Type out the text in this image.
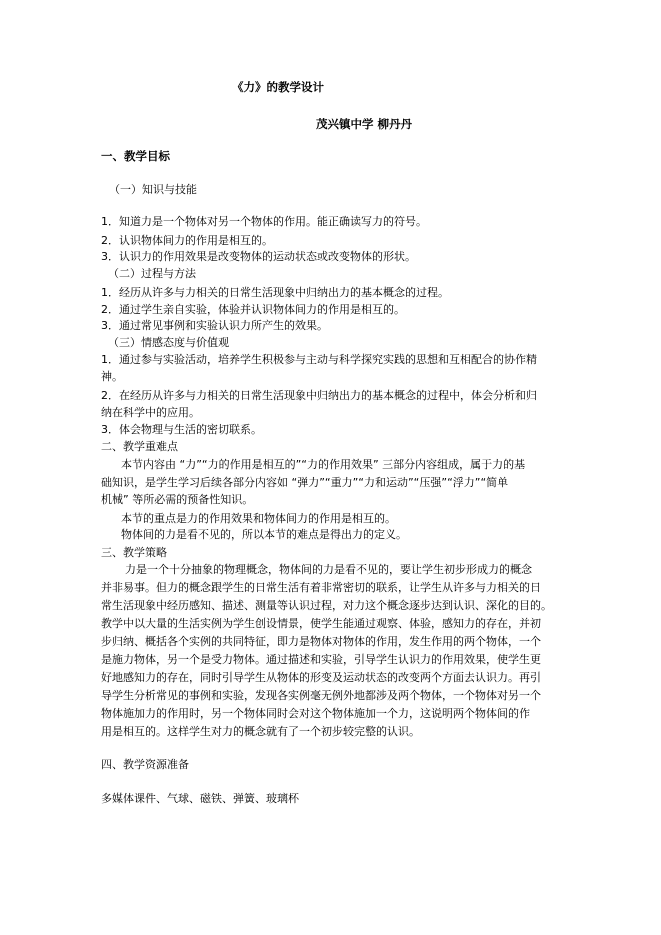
《力》的教学设计
茂兴镇中学 柳丹丹
一、教学目标
（一）知识与技能
1．知道力是一个物体对另一个物体的作用。能正确读写力的符号。
2．认识物体间力的作用是相互的。
3．认识力的作用效果是改变物体的运动状态或改变物体的形状。
（二）过程与方法
1．经历从许多与力相关的日常生活现象中归纳出力的基本概念的过程。
2．通过学生亲自实验，体验并认识物体间力的作用是相互的。
3．通过常见事例和实验认识力所产生的效果。
（三）情感态度与价值观
1．通过参与实验活动，培养学生积极参与主动与科学探究实践的思想和互相配合的协作精
神。
2．在经历从许多与力相关的日常生活现象中归纳出力的基本概念的过程中，体会分析和归
纳在科学中的应用。
3．体会物理与生活的密切联系。
二、教学重难点
本节内容由 “力”“力的作用是相互的”“力的作用效果” 三部分内容组成，属于力的基
础知识，是学生学习后续各部分内容如 “弹力”“重力”“力和运动”“压强”“浮力”“简单
机械” 等所必需的预备性知识。
本节的重点是力的作用效果和物体间力的作用是相互的。
物体间的力是看不见的，所以本节的难点是得出力的定义。
三、教学策略
力是一个十分抽象的物理概念，物体间的力是看不见的，要让学生初步形成力的概念
并非易事。但力的概念跟学生的日常生活有着非常密切的联系，让学生从许多与力相关的日
常生活现象中经历感知、描述、测量等认识过程，对力这个概念逐步达到认识、深化的目的。
教学中以大量的生活实例为学生创设情景，使学生能通过观察、体验，感知力的存在，并初
步归纳、概括各个实例的共同特征，即力是物体对物体的作用，发生作用的两个物体，一个
是施力物体，另一个是受力物体。通过描述和实验，引导学生认识力的作用效果，使学生更
好地感知力的存在，同时引导学生从物体的形变及运动状态的改变两个方面去认识力。再引
导学生分析常见的事例和实验，发现各实例毫无例外地都涉及两个物体，一个物体对另一个
物体施加力的作用时，另一个物体同时会对这个物体施加一个力，这说明两个物体间的作
用是相互的。这样学生对力的概念就有了一个初步较完整的认识。
四、教学资源准备
多媒体课件、气球、磁铁、弹簧、玻璃杯
